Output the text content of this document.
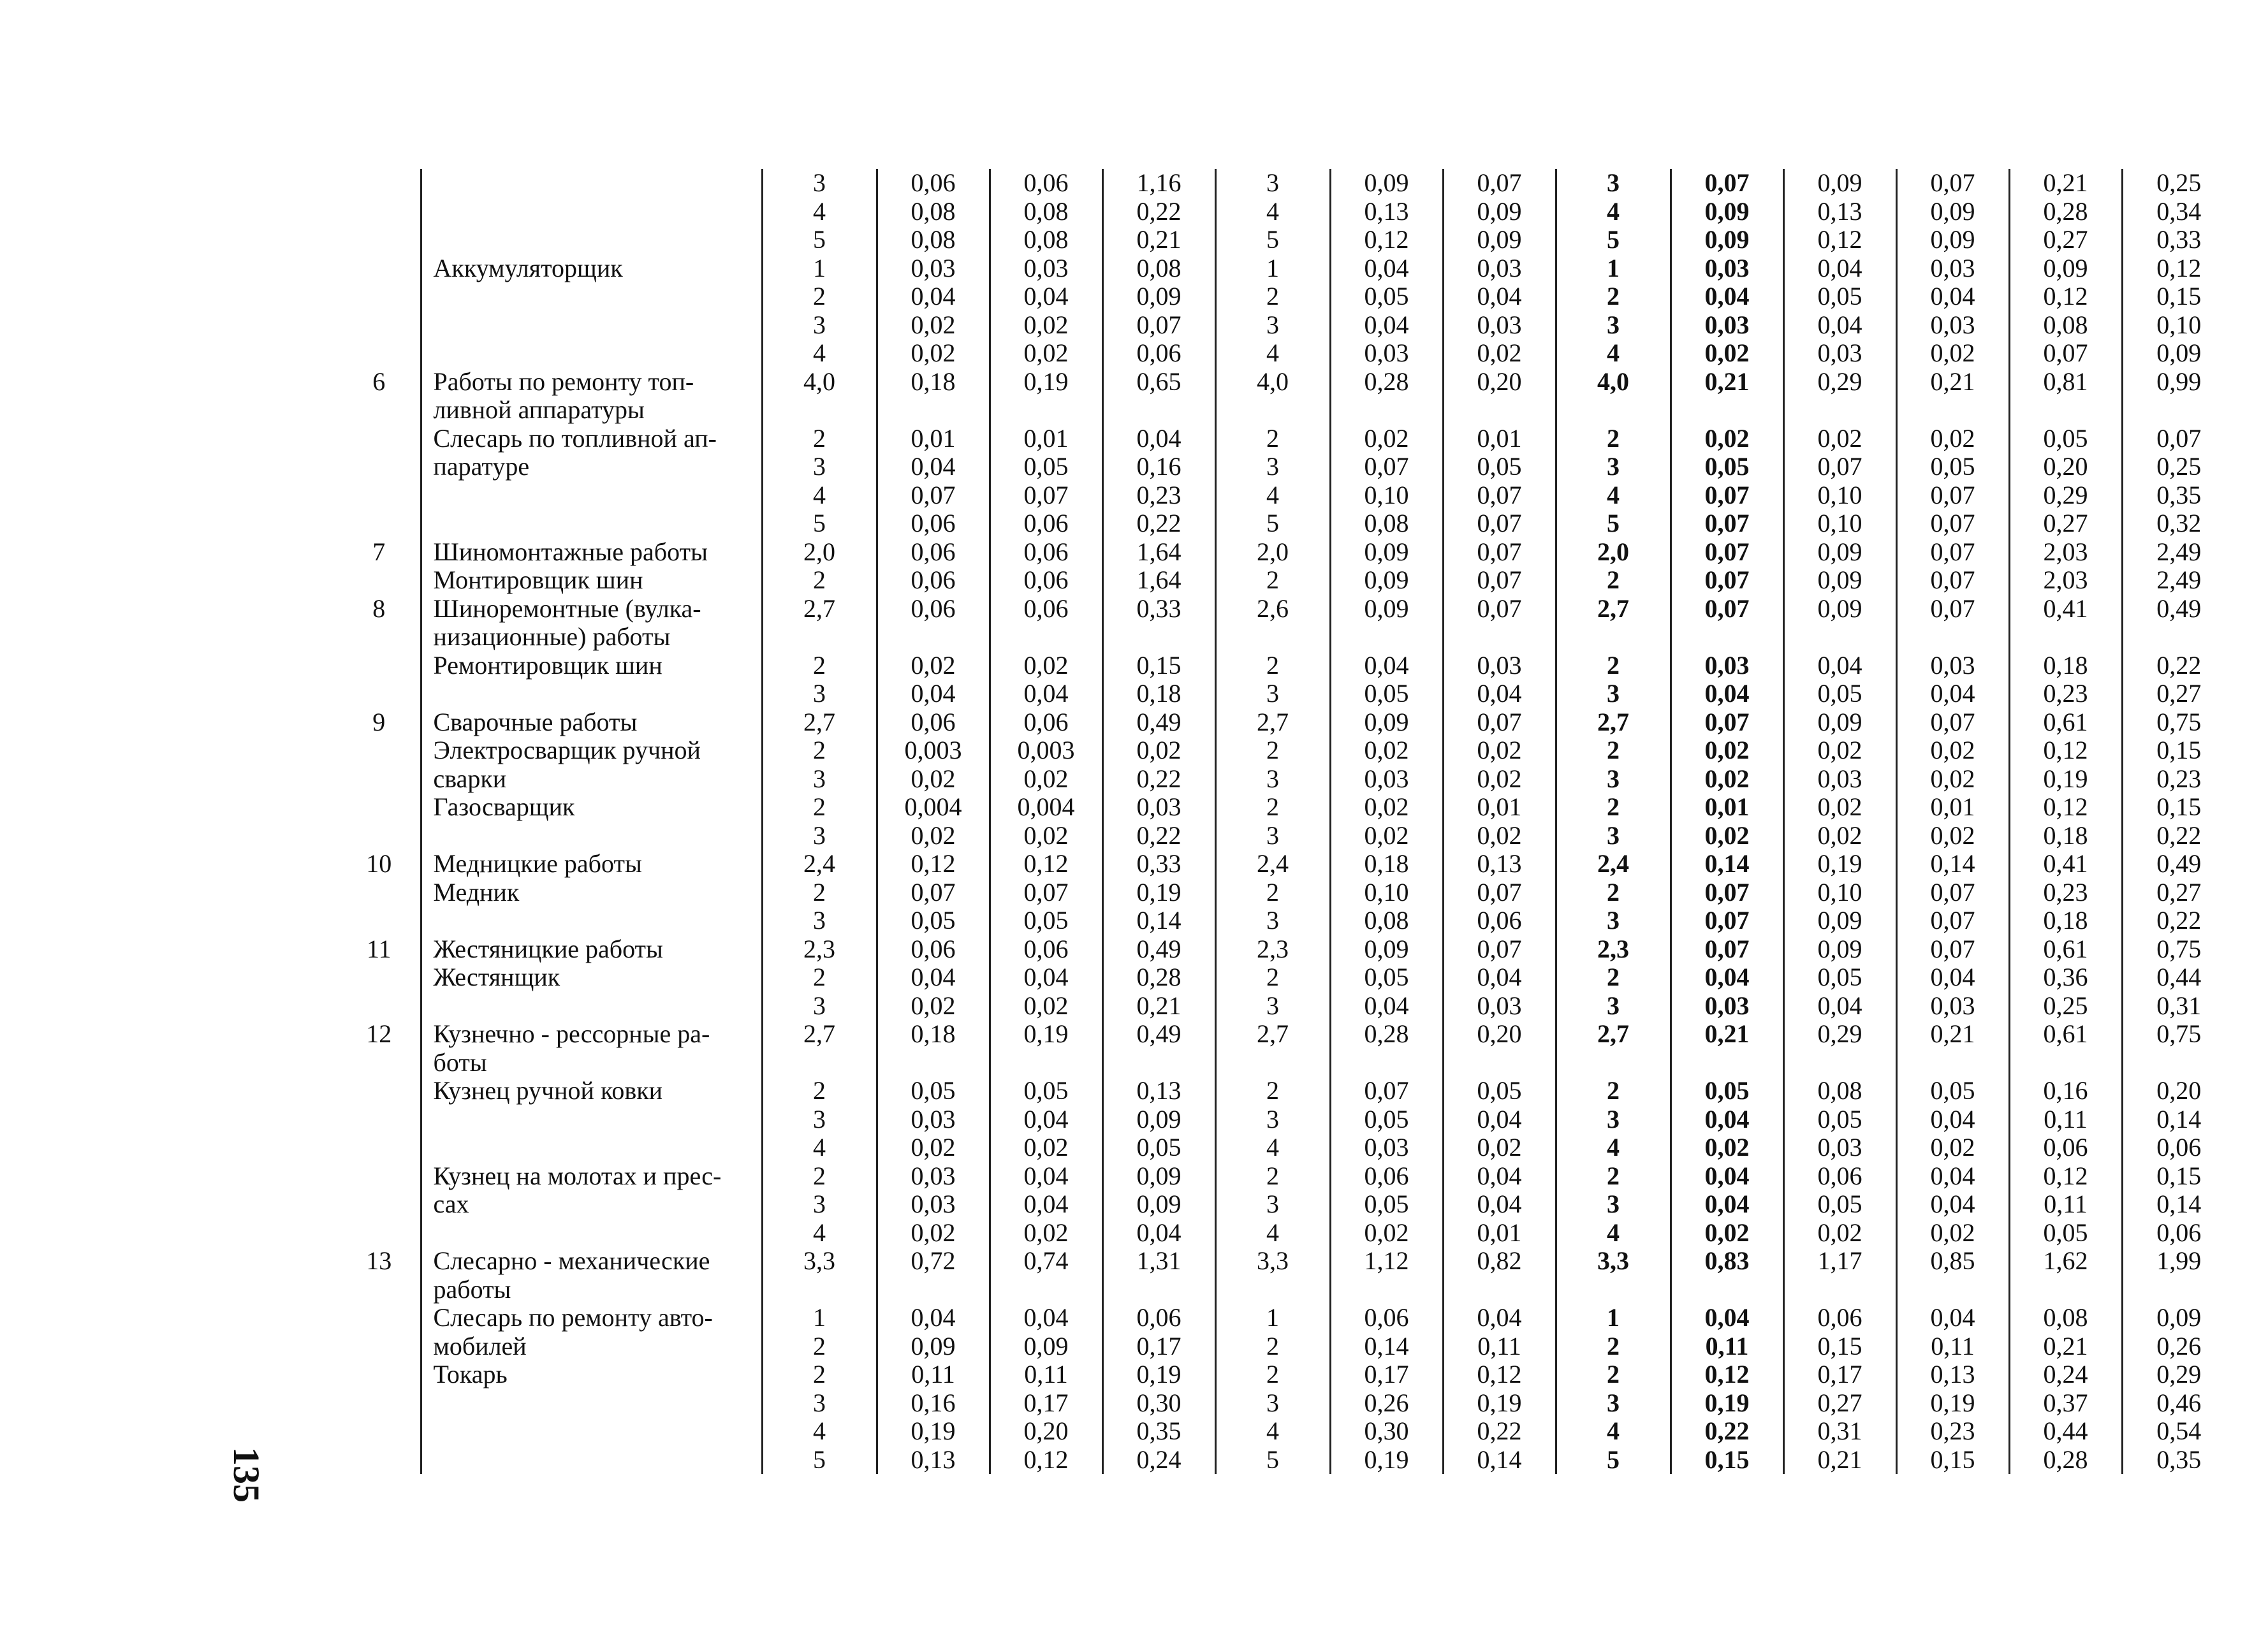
135
		3	0,06	0,06	1,16	3	0,09	0,07	3	0,07	0,09	0,07	0,21	0,25
		4	0,08	0,08	0,22	4	0,13	0,09	4	0,09	0,13	0,09	0,28	0,34
		5	0,08	0,08	0,21	5	0,12	0,09	5	0,09	0,12	0,09	0,27	0,33
	Аккумуляторщик	1	0,03	0,03	0,08	1	0,04	0,03	1	0,03	0,04	0,03	0,09	0,12
		2	0,04	0,04	0,09	2	0,05	0,04	2	0,04	0,05	0,04	0,12	0,15
		3	0,02	0,02	0,07	3	0,04	0,03	3	0,03	0,04	0,03	0,08	0,10
		4	0,02	0,02	0,06	4	0,03	0,02	4	0,02	0,03	0,02	0,07	0,09
6	Работы по ремонту топ-	4,0	0,18	0,19	0,65	4,0	0,28	0,20	4,0	0,21	0,29	0,21	0,81	0,99
	ливной аппаратуры													
	Слесарь по топливной ап-	2	0,01	0,01	0,04	2	0,02	0,01	2	0,02	0,02	0,02	0,05	0,07
	паратуре	3	0,04	0,05	0,16	3	0,07	0,05	3	0,05	0,07	0,05	0,20	0,25
		4	0,07	0,07	0,23	4	0,10	0,07	4	0,07	0,10	0,07	0,29	0,35
		5	0,06	0,06	0,22	5	0,08	0,07	5	0,07	0,10	0,07	0,27	0,32
7	Шиномонтажные работы	2,0	0,06	0,06	1,64	2,0	0,09	0,07	2,0	0,07	0,09	0,07	2,03	2,49
	Монтировщик шин	2	0,06	0,06	1,64	2	0,09	0,07	2	0,07	0,09	0,07	2,03	2,49
8	Шиноремонтные (вулка-	2,7	0,06	0,06	0,33	2,6	0,09	0,07	2,7	0,07	0,09	0,07	0,41	0,49
	низационные) работы													
	Ремонтировщик шин	2	0,02	0,02	0,15	2	0,04	0,03	2	0,03	0,04	0,03	0,18	0,22
		3	0,04	0,04	0,18	3	0,05	0,04	3	0,04	0,05	0,04	0,23	0,27
9	Сварочные работы	2,7	0,06	0,06	0,49	2,7	0,09	0,07	2,7	0,07	0,09	0,07	0,61	0,75
	Электросварщик ручной	2	0,003	0,003	0,02	2	0,02	0,02	2	0,02	0,02	0,02	0,12	0,15
	сварки	3	0,02	0,02	0,22	3	0,03	0,02	3	0,02	0,03	0,02	0,19	0,23
	Газосварщик	2	0,004	0,004	0,03	2	0,02	0,01	2	0,01	0,02	0,01	0,12	0,15
		3	0,02	0,02	0,22	3	0,02	0,02	3	0,02	0,02	0,02	0,18	0,22
10	Медницкие работы	2,4	0,12	0,12	0,33	2,4	0,18	0,13	2,4	0,14	0,19	0,14	0,41	0,49
	Медник	2	0,07	0,07	0,19	2	0,10	0,07	2	0,07	0,10	0,07	0,23	0,27
		3	0,05	0,05	0,14	3	0,08	0,06	3	0,07	0,09	0,07	0,18	0,22
11	Жестяницкие работы	2,3	0,06	0,06	0,49	2,3	0,09	0,07	2,3	0,07	0,09	0,07	0,61	0,75
	Жестянщик	2	0,04	0,04	0,28	2	0,05	0,04	2	0,04	0,05	0,04	0,36	0,44
		3	0,02	0,02	0,21	3	0,04	0,03	3	0,03	0,04	0,03	0,25	0,31
12	Кузнечно - рессорные ра-	2,7	0,18	0,19	0,49	2,7	0,28	0,20	2,7	0,21	0,29	0,21	0,61	0,75
	боты													
	Кузнец ручной ковки	2	0,05	0,05	0,13	2	0,07	0,05	2	0,05	0,08	0,05	0,16	0,20
		3	0,03	0,04	0,09	3	0,05	0,04	3	0,04	0,05	0,04	0,11	0,14
		4	0,02	0,02	0,05	4	0,03	0,02	4	0,02	0,03	0,02	0,06	0,06
	Кузнец на молотах и прес-	2	0,03	0,04	0,09	2	0,06	0,04	2	0,04	0,06	0,04	0,12	0,15
	сах	3	0,03	0,04	0,09	3	0,05	0,04	3	0,04	0,05	0,04	0,11	0,14
		4	0,02	0,02	0,04	4	0,02	0,01	4	0,02	0,02	0,02	0,05	0,06
13	Слесарно - механические	3,3	0,72	0,74	1,31	3,3	1,12	0,82	3,3	0,83	1,17	0,85	1,62	1,99
	работы													
	Слесарь по ремонту авто-	1	0,04	0,04	0,06	1	0,06	0,04	1	0,04	0,06	0,04	0,08	0,09
	мобилей	2	0,09	0,09	0,17	2	0,14	0,11	2	0,11	0,15	0,11	0,21	0,26
	Токарь	2	0,11	0,11	0,19	2	0,17	0,12	2	0,12	0,17	0,13	0,24	0,29
		3	0,16	0,17	0,30	3	0,26	0,19	3	0,19	0,27	0,19	0,37	0,46
		4	0,19	0,20	0,35	4	0,30	0,22	4	0,22	0,31	0,23	0,44	0,54
		5	0,13	0,12	0,24	5	0,19	0,14	5	0,15	0,21	0,15	0,28	0,35
